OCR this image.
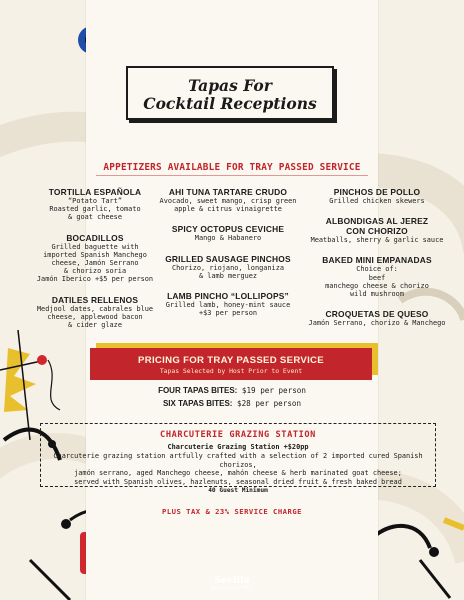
Tapas For
Cocktail Receptions
APPETIZERS AVAILABLE FOR TRAY PASSED SERVICE
TORTILLA ESPAÑOLA
“Potato Tart”
Roasted garlic, tomato
& goat cheese
BOCADILLOS
Grilled baguette with
imported Spanish Manchego
cheese, Jamón Serrano
& chorizo soria
Jamón Iberico +$5 per person
DATILES RELLENOS
Medjool dates, cabrales blue
cheese, applewood bacon
& cider glaze
AHI TUNA TARTARE CRUDO
Avocado, sweet mango, crisp green
apple & citrus vinaigrette
SPICY OCTOPUS CEVICHE
Mango & Habanero
GRILLED SAUSAGE PINCHOS
Chorizo, riojano, longaniza
& lamb merguez
LAMB PINCHO “LOLLIPOPS”
Grilled lamb, honey-mint sauce
+$3 per person
PINCHOS DE POLLO
Grilled chicken skewers
ALBONDIGAS AL JEREZ
CON CHORIZO
Meatballs, sherry & garlic sauce
BAKED MINI EMPANADAS
Choice of:
beef
manchego cheese & chorizo
wild mushroom
CROQUETAS DE QUESO
Jamón Serrano, chorizo & Manchego
PRICING FOR TRAY PASSED SERVICE
Tapas Selected by Host Prior to Event
FOUR TAPAS BITES: $19 per person
SIX TAPAS BITES: $28 per person
CHARCUTERIE GRAZING STATION
Charcuterie Grazing Station +$20pp
Charcuterie grazing station artfully crafted with a selection of 2 imported cured Spanish chorizos,
jamón serrano, aged Manchego cheese, mahón cheese & herb marinated goat cheese;
served with Spanish olives, hazlenuts, seasonal dried fruit & fresh baked bread
40 Guest Minimum
PLUS TAX & 23% SERVICE CHARGE
Sevilla
Established 1987
